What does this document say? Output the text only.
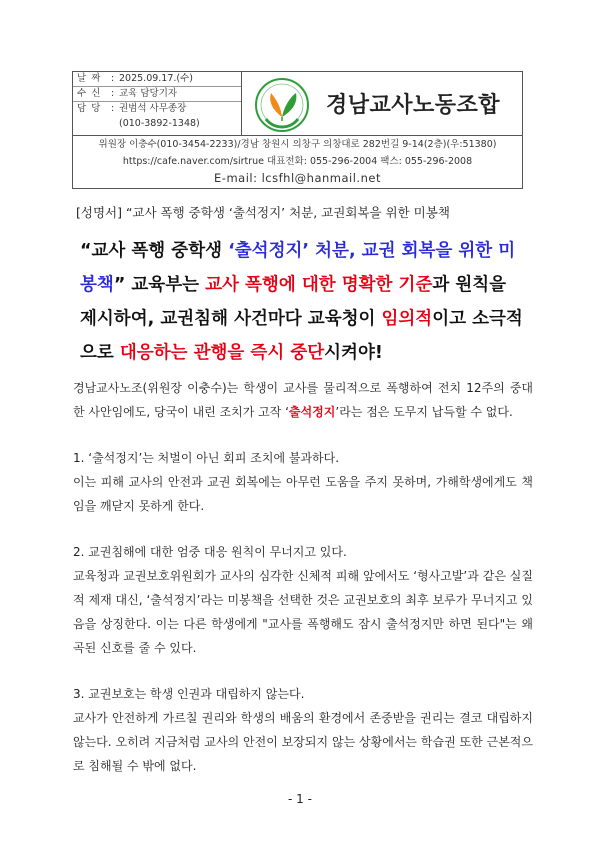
날 짜 : 2025.09.17.(수)
수 신 : 교육 담당기자
담 당 : 권범석 사무종장
(010-3892-1348)
경남교사노동조합
위원장 이충수(010-3454-2233)/경남 창원시 의창구 의창대로 282번길 9-14(2층)(우:51380)
https://cafe.naver.com/sirtrue 대표전화: 055-296-2004 팩스: 055-296-2008
E-mail: lcsfhl@hanmail.net
[성명서] “교사 폭행 중학생 ‘출석정지’ 처분, 교권회복을 위한 미봉책
“교사 폭행 중학생 ‘출석정지’ 처분, 교권 회복을 위한 미봉책” 교육부는 교사 폭행에 대한 명확한 기준과 원칙을 제시하여, 교권침해 사건마다 교육청이 임의적이고 소극적으로 대응하는 관행을 즉시 중단시켜야!

경남교사노조(위원장 이충수)는 학생이 교사를 물리적으로 폭행하여 전치 12주의 중대한 사안임에도, 당국이 내린 조치가 고작 ‘출석정지’라는 점은 도무지 납득할 수 없다.

1. ‘출석정지’는 처벌이 아닌 회피 조치에 불과하다.

이는 피해 교사의 안전과 교권 회복에는 아무런 도움을 주지 못하며, 가해학생에게도 책임을 깨닫지 못하게 한다.

2. 교권침해에 대한 엄중 대응 원칙이 무너지고 있다.

교육청과 교권보호위원회가 교사의 심각한 신체적 피해 앞에서도 ‘형사고발’과 같은 실질적 제재 대신, ‘출석정지’라는 미봉책을 선택한 것은 교권보호의 최후 보루가 무너지고 있음을 상징한다. 이는 다른 학생에게 "교사를 폭행해도 잠시 출석정지만 하면 된다"는 왜곡된 신호를 줄 수 있다.

3. 교권보호는 학생 인권과 대립하지 않는다.

교사가 안전하게 가르칠 권리와 학생의 배움의 환경에서 존중받을 권리는 결코 대립하지 않는다. 오히려 지금처럼 교사의 안전이 보장되지 않는 상황에서는 학습권 또한 근본적으로 침해될 수 밖에 없다.

- 1 -
